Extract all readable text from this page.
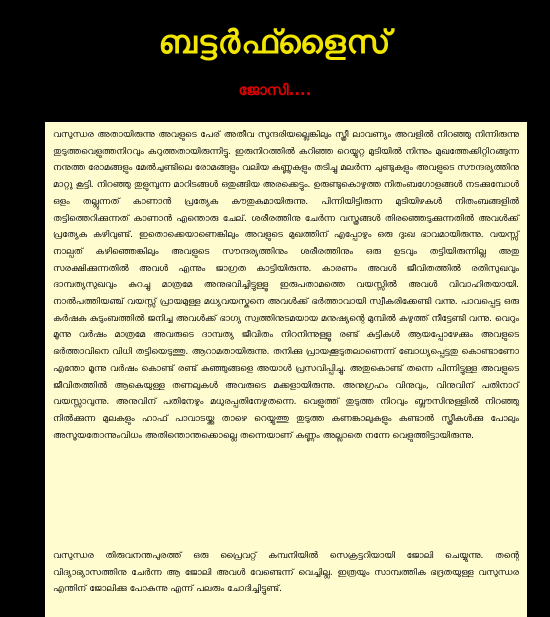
ബട്ടർഫ്ളൈസ്
ജോസി....

വസുന്ധര അതായിരുന്നു അവളുടെ പേര് അതീവ സുന്ദരിയല്ലെങ്കിലും സ്ത്രീ ലാവണ്യം അവളിൽ നിറഞ്ഞു നിന്നിരുന്നു തുടുത്തവെളുത്തനിറവും കറുത്തതായിരുന്നിട്ടു. ഇരുനിറത്തിൽ കറിഞ്ഞ റെയ്യുറ്റ മുടിയിൽ നിന്നും മുഖത്തേക്കിറ്റിറങ്ങുന്ന നനുത്ത രോമങ്ങളും മേൽചുണ്ടിലെ രോമങ്ങളും വലിയ കണ്ണുകളും തടിച്ചു മലർന്ന ചുണ്ടുകളും അവളുടെ സൗന്ദര്യത്തിനു മാറ്റു കൂട്ടി. നിറഞ്ഞു തുളുമ്പുന്ന മാറിടങ്ങൾ ഒതുങ്ങിയ അരക്കെട്ടും. ഉരുണ്ടുകൊഴുത്ത നിതംബഗോളങ്ങൾ നടക്കുമ്പോൾ ഒളം തല്ലുന്നത് കാണാൻ പ്രത്യേക കൗതുകമായിരുന്നു. പിന്നിയിട്ടിരുന്ന മുടിയിഴകൾ നിതംബങ്ങളിൽ തട്ടിത്തെറിക്കുന്നത് കാണാൻ എന്തൊരു ചേല്. ശരീരത്തിനു ചേർന്ന വസ്ത്രങ്ങൾ തിരഞ്ഞെടുക്കുന്നതിൽ അവൾക്ക് പ്രത്യേക കഴിവുണ്ട്. ഇതൊക്കെയാണെങ്കിലും അവളുടെ മുഖത്തിന് എപ്പോഴും ഒരു ദുഃഖ ഭാവമായിരുന്നു. വയസ്സ് നാല്പത് കഴിഞ്ഞെങ്കിലും അവളുടെ സൗന്ദര്യത്തിനും ശരീരത്തിനും ഒരു ഉടവും തട്ടിയിരുന്നില്ല അതു സരക്ഷിക്കുന്നതിൽ അവൾ എന്നും ജാഗ്രത കാട്ടിയിരുന്നു. കാരണം അവൾ ജീവിതത്തിൽ രതിസുഖവും ദാമ്പത്യസുഖവും കുറച്ചു മാത്രമേ അനുഭവിച്ചിട്ടുള്ളൂ ഇരുപതാമത്തെ വയസ്സിൽ അവൾ വിവാഹിതയായി. നാൽപത്തിയഞ്ച് വയസ്സ് പ്രായമുള്ള മധ്യവയസ്കനെ അവൾക്ക് ഭർത്താവായി സ്വീകരിക്കേണ്ടി വന്നു. പാവപ്പെട്ട ഒരു കർഷക കുടുംബത്തിൽ ജനിച്ച അവൾക്ക് ഭാഗ്യ സ്വത്തിനുടമയായ മനുഷ്യന്റെ മുമ്പിൽ കഴുത്ത് നീട്ടേണ്ടി വന്നു. വെറും മൂന്നു വർഷം മാത്രമേ അവരുടെ ദാമ്പത്യ ജീവിതം നിറനിന്നുള്ളൂ രണ്ട് കുട്ടികൾ ആയപ്പോഴേക്കും അവളുടെ ഭർത്താവിനെ വിധി തട്ടിയെടുത്തു. ആറാമതായിരുന്നു. തനിക്കു പ്രായക്കൂടുതലാണെന്ന് ബോധ്യപ്പെട്ടതു കൊണ്ടാണോ എന്തോ മൂന്നു വർഷം കൊണ്ട് രണ്ട് കുഞ്ഞുങ്ങളെ അയാൾ പ്രസവിപ്പിച്ചു. അതുകൊണ്ട് തന്നെ പിന്നിട്ടുള്ള അവളുടെ ജീവിതത്തിൽ ആകെയുള്ള തണലുകൾ അവരുടെ മക്കളായിരുന്നു. അനുഗ്രഹം വിനുവും, വിനുവിന് പതിനാറ് വയസ്സാവുന്നു. അനുവിന് പതിനേഴും മധുരപ്പതിനേഴുതന്നെ. വെളുത്ത് തുടുത്ത നിറവും ബ്ലൗസിനുള്ളിൽ നിറഞ്ഞു നിൽക്കുന്ന മുലകളും ഹാഫ് പാവാടയ്ക്കു താഴെ റെയ്യുത്തു തുടുത്ത കണങ്കാലുകളും കണ്ടാൽ സ്ത്രീകൾക്കു പോലും അസൂയതോന്നുംവിധം അതിന്തൊന്തക്കൊല്ലെ തന്നെയാണ് കണ്ണം അല്ലാതെ നന്നേ വെളുത്തിട്ടായിരുന്നു.

വസുന്ധര തിരുവനന്തപുരത്ത് ഒരു പ്രൈവറ്റ് കമ്പനിയിൽ സെക്രട്ടറിയായി ജോലി ചെയ്യുന്നു. തന്റെ വിദ്യാഭ്യാസത്തിനു ചേർന്ന ആ ജോലി അവൾ വേണ്ടെന്ന് വെച്ചില്ല. ഇത്രയും സാമ്പത്തിക ഭദ്രതയുള്ള വസുന്ധര എന്തിന് ജോലിക്കു പോകുന്നു എന്ന് പലരും ചോദിച്ചിട്ടുണ്ട്.
